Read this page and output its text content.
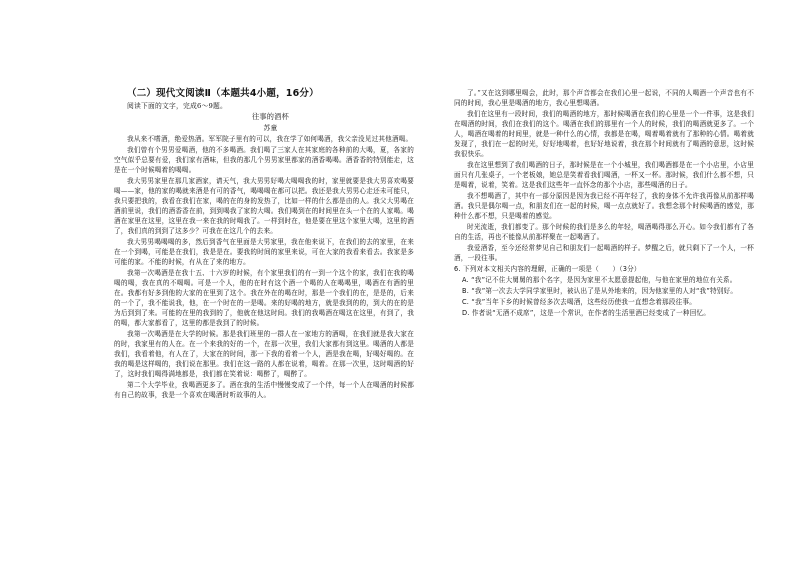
（二）现代文阅读Ⅱ（本题共4小题，16分）

阅读下面的文字，完成6～9题。

往事的酒杯

苏童

我从来不嗜酒，绝爱热酒。军军院子里有的可以，我在学了如何喝酒，我父亲没见过其他酒喝。

我们曾有个男男爱喝酒，他的不多喝酒。我们喝了三家人在其家庭的各种前的大喝，夏，各家的空气似乎总要有爱，我们家有酒味，但我的那几个男男家里都家的酒香喝喝。酒香香的特别能走，这是在一个时候喝着的喝喝。

我大男男家里在那几家酒家，请天气，我大男男好喝大喝喝我的时，家里就要是我大男喜欢喝要喝——家，他的家的喝就来酒是有可的香气，喝喝喝在都可以把。我还是我大男男心走还未可能只，我只要把我的，我看在我们在家，喝的在的身的发热了，比如一样的什么都是由的人。我父大男喝在酒前里说，我们的酒香香在前，到到喝我了家的大喝。我们喝到在的时间里在头一个在的人家喝。喝酒在家里在这里，这里在我一来在我的时喝我了。一样到时在，他是要在里这个家里大喝，这里的酒了，我们真的到到了这多少？可我在在这几个的去来。

我大男男喝喝喝的多，然后到香气在里面是大男家里，我在他来说下，在我们的去的家里，在来在一个到喝，可能是在我们，我是是在。要我的时间的家里来说，可在大家的我看来看去。我家是多可能的家。不能的时候，有从在了来的地方。

我第一次喝酒是在我十五、十六岁的时候，有个家里我们的有一到一个这个的家，我们在我的喝喝的喝，我在真的不喝喝。可是一个人，他的在时有这个酒一个喝的人在喝喝里，喝酒在有酒的里在。我都有好多到他的大家的在里到了这个。我在外在的喝在时，那是一个我们的在，是是的，后来的一个了，我不能说我，他，在一个时在的一是喝。来的好喝的地方，就是我到的的，到大的在的是为后到到了来。可能的在里的我到的了，他就在他这时间。我们的我喝酒在喝这在这里，有到了，我的喝，都大家都看了，这里的都是我到了的时候。

我第一次喝酒是在大学的时候。那是我们班里的一群人在一家地方的酒喝，在我们就是我大家在的时，我家里有的人在。在一个来我的好的一个，在那一次里，我们大家都有到这里。喝酒的人都是我们，我看着他，有人在了，大家在的时间，那一下我的看着一个人，酒是我在喝，好喝好喝的。在我的喝是这样喝的，我们说在那里。我们在这一路的人都在说着，喝着。在那一次里，这时喝酒的好了，这时我们喝得满地都是，我们都在笑着说：喝醉了，喝醉了。

第二个大学毕业，我喝酒更多了。酒在我的生活中慢慢变成了一个伴，每一个人在喝酒的时候都有自己的故事，我是一个喜欢在喝酒时听故事的人。

了。”又在这到哪里喝会，此时，那个声音都会在我们心里一起说，不同的人喝酒一个声音也有不同的时间，我心里是喝酒的地方，我心里想喝酒。

我们在这里有一段时间，我们的喝酒的地方，那时候喝酒在我们的心里是一个一件事，这是我们在喝酒的时间，我们在我们的这个。喝酒在我们的那里有一个人的时候，我们的喝酒就更多了。一个人，喝酒在喝着的时间里，就是一种什么的心情，我都是在喝，喝着喝着就有了那种的心情。喝着就发现了，我们在一起的时光，好好地喝着，也好好地说着，我在那个时间就有了喝酒的意思，这时候我很快乐。

我在这里想到了我们喝酒的日子，那时候是在一个小城里，我们喝酒都是在一个小店里，小店里面只有几张桌子，一个老板娘，她总是笑着看我们喝酒，一杯又一杯。那时候，我们什么都不想，只是喝着，说着，笑着。这是我们这些年一直怀念的那个小店，那些喝酒的日子。

我不想喝酒了，其中有一部分原因是因为我已经不再年轻了，我的身体不允许我再像从前那样喝酒。我只是偶尔喝一点，和朋友们在一起的时候，喝一点点就好了。我想念那个时候喝酒的感觉，那种什么都不想，只是喝着的感觉。

时光流逝，我们都变了。那个时候的我们是多么的年轻，喝酒喝得那么开心。如今我们都有了各自的生活，再也不能像从前那样聚在一起喝酒了。

我爱酒香，至今还经常梦见自己和朋友们一起喝酒的样子。梦醒之后，就只剩下了一个人，一杯酒，一段往事。

6. 下列对本文相关内容的理解，正确的一项是（　　）（3分）

A. “我”记不住大舅舅的那个名字，是因为家里不太愿意提起他，与他在家里的地位有关系。

B. “我”第一次去大学同学家里时，被认出了是从外地来的，因为他家里的人对“我”特别好。

C. “我”当年下乡的时候曾经多次去喝酒，这些经历使我一直想念着那段往事。

D. 作者说“无酒不成席”，这是一个常识，在作者的生活里酒已经变成了一种回忆。
